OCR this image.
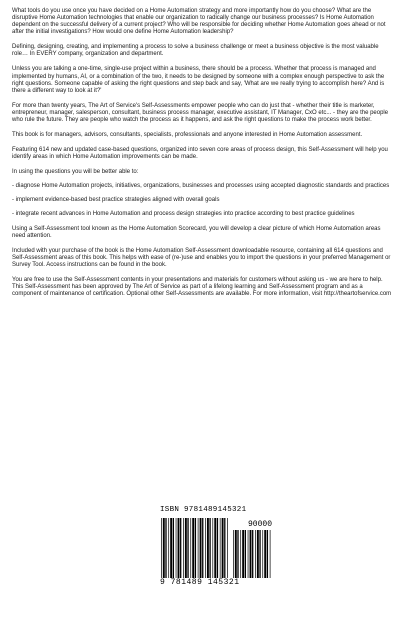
What tools do you use once you have decided on a Home Automation strategy and more importantly how do you choose? What are the disruptive Home Automation technologies that enable our organization to radically change our business processes? Is Home Automation dependent on the successful delivery of a current project? Who will be responsible for deciding whether Home Automation goes ahead or not after the initial investigations? How would one define Home Automation leadership?

Defining, designing, creating, and implementing a process to solve a business challenge or meet a business objective is the most valuable role… In EVERY company, organization and department.

Unless you are talking a one-time, single-use project within a business, there should be a process. Whether that process is managed and implemented by humans, AI, or a combination of the two, it needs to be designed by someone with a complex enough perspective to ask the right questions. Someone capable of asking the right questions and step back and say, 'What are we really trying to accomplish here? And is there a different way to look at it?'

For more than twenty years, The Art of Service's Self-Assessments empower people who can do just that - whether their title is marketer, entrepreneur, manager, salesperson, consultant, business process manager, executive assistant, IT Manager, CxO etc... - they are the people who rule the future. They are people who watch the process as it happens, and ask the right questions to make the process work better.

This book is for managers, advisors, consultants, specialists, professionals and anyone interested in Home Automation assessment.

Featuring 614 new and updated case-based questions, organized into seven core areas of process design, this Self-Assessment will help you identify areas in which Home Automation improvements can be made.

In using the questions you will be better able to:

- diagnose Home Automation projects, initiatives, organizations, businesses and processes using accepted diagnostic standards and practices

- implement evidence-based best practice strategies aligned with overall goals

- integrate recent advances in Home Automation and process design strategies into practice according to best practice guidelines

Using a Self-Assessment tool known as the Home Automation Scorecard, you will develop a clear picture of which Home Automation areas need attention.

Included with your purchase of the book is the Home Automation Self-Assessment downloadable resource, containing all 614 questions and Self-Assessment areas of this book. This helps with ease of (re-)use and enables you to import the questions in your preferred Management or Survey Tool. Access instructions can be found in the book.

You are free to use the Self-Assessment contents in your presentations and materials for customers without asking us - we are here to help. This Self-Assessment has been approved by The Art of Service as part of a lifelong learning and Self-Assessment program and as a component of maintenance of certification. Optional other Self-Assessments are available. For more information, visit http://theartofservice.com

ISBN 9781489145321
90000
9 781489 145321
